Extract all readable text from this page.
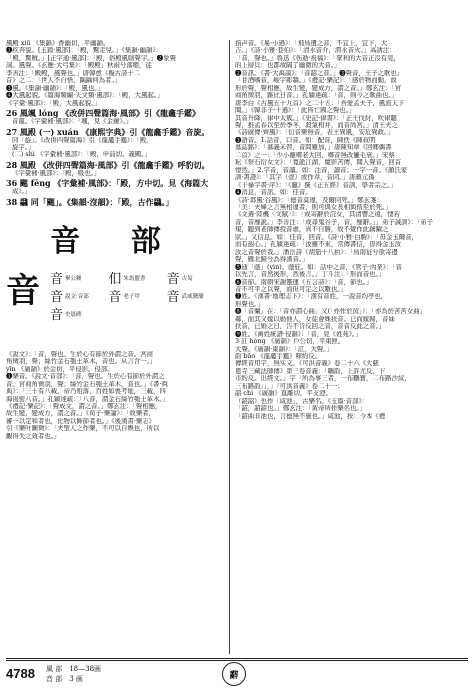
風殿 xiū 《集韻》香幽切，平幽韻。
❶疾奔貌。[玉篇·風部]：「殿，驚走兒。」《集韻·幽韻》：
「殿，驚賊。」[正字通·風部]：「殿，俗殿風嗐聲字。」❷象聲
詞。風聲。《玄應·大弓集》：「殿殿」秋雨兮落嗯，徒
李善注：「殿殿，風聲也。」唐韓愈《擬古詩十二
首》之二：「世人不自悟，踽踽何為者。」
❸風。《集韻·幽韻》：「殿，風也。」
❹大風起貌。《篇海類編·天文類·風部》：「殿，大風起。」
《字彙·風部》：「殿，大風起貌。」
26 風颯 lóng 《改併四聲篇海·風部》引《龍龕手鑑》
音龍。《字彙補·風部》：「颯，見《金鏡》。」
27 風殿 (一) xuán 《康熙字典》引《龍龕手鑑》音旋。
同「旋」。《改併四聲篇海》引《龍龕手鑑》：「殿，
旋字。」
(二) shì 《字彙補·風部》：「殿，申前切。義闕。」
28 風殿 《改併四聲篇海·風部》引《龍龕手鑑》呼豹切。
《字彙補·風部》：「殿，吸也。」
36 颸 fēng 《字彙補·風部》：「殿，方中切。見《海篇大
成》。」
38 飝 同「颸」。《集韻·沒韻》：「殿，古作飝。」
音 部
音 音 畢公鍾 㐰 朱馬盟書 音 古匋
音 說文·音部 音 老子甲 音 武威醫簡
音 史晨碑
《說文》：「音，聲也。生於心有節於外謂之音。宮商
角徵羽，聲；絲竹金石匏土革木，音也。从言含一。」
yīn 《廣韻》於金切，平侵影。侵部。
❶樂音。《說文·音部》：「音，聲也。生於心有節於外謂之
音。宮商角徵羽，聲；絲竹金石匏土革木，音也。」《書·舜
典》：「三十有八載，帝乃殂落，百姓如喪考妣，三載，四
海遏密八音。」孔穎達疏：「八音，謂金石絲竹匏土革木。」
《禮記·樂記》：「聲成文，謂之音。」鄭玄注：「聲相應，
故生變，變成方，謂之音。」《荀子·樂論》：「故樂者，
審一以定和者也，比物以飾節者也。」《後漢書·樂志》
引《樂叶圖徵》：「夫聖人之作樂，不可以自娛也，所以
觀得失之效者也。」
指声音。《易·小過》：「飛鳥遺之音，不宜上，宜下，大
吉。」《詩·小雅·巷伯》：「清水音介，渭水音火。」高誘注：
「音，聲也。」魯迅《伤逝·祝福》：「眾利的大音正沒有見，
的上層貝：也都故隔了幽微的大音。」
❷音訊。《書·大禹謨》：「音韶之音。」❸聲音，王子之歌也」
「甘酒嗜音，峻宇彫牆。」《禮記·樂記》：「感於物而動，故
形於聲，聲相應，故生變，變成方，謂之音。」鄭玄注：「宮
商角徵羽，雜比日音。」孔穎達疏：「音，則今之歌曲也。」
唐李白《古風五十九首》之二十五：「吾愛孟夫子，風流天下
聞。」《韓非子·十過》：「此皆亡國之聲也。」
其音升降，律中太簇。」《史記·律書》：「正王伐紂，吹律聽
聲，推孟春以至於季冬，殺氣相并，而音尚宮。」清王夫之
《詩廣傳·齊風》：「衍音樂無音，表王異風，安危異政。」
❸語音。1.話音，口音。如：配音，陳佚《陳叔明
墓誌銘》：「慕義未習，音問難加，」唐陳知章《回鄉偶書
二首》之一：「少小離鄉老大回，鄉音無改鬢毛衰。」宋蔡
耘《祭石衍女文》：「寬詭江湖，慶影苦傳，聞人聲音，回首
悽然。」2.字音，音讀。如：注音，讀音；一字一音。《顏氏家
訓·書證》：「其字（壹）或作韋，音同。」唐顏元孫
《干祿字書·序》：「《蠶》撰《正五經》音訓，學者宗之。」
❹消息，音訊。如：佳音。
《詩·邶風·谷風》：「德音莫違，及爾同死。」鄭玄箋：
「美：夫婦之言無相違者，則可與女長相與偕至於死。」
《文選·陸機〈文賦〉》：「或寄辭於浣女，其清響之遠，悽若
音，音靡訛。」李善注：「或尋鬼谷子，音，靡辭。」」弟子誠訓》：「弟子
規，聽到老師傳授音虐，真不自勝，故不覺作此踴躍之
狀。」又信息。如：佳音，回音。《詩·小雅·白駒》：「毋金玉爾音，
而有遐心。」孔穎達疏：「汝雖不來，常傳書信，毋得金玉汝
汝之音聲於我。」潘岳詩《胡笳十八拍》：「鳥南征兮欲寄邊
聲，雁北歸兮為得漢音。」
❺通「蔭」(yìn)。蔭庇。如：話中之音，《管子·內業》：「音
以先言，音然後形，然後言。」丁斗注：「形而音也。」
❻音節。南朝宋謝靈運《五言詩》：「音，節也。」
音不可平之以聲，而但可定之以數也。」
❼姓。《漢書·地理志下》：「漢有音姓，一說音均亭也，
形聲也。」
❽「音蘭」在：「音亦謂心曲」又(「亦作於茵」）：「亦為於苦苦女曲」
鄰，而其又嫁以婚他人，女徒會姝扶音。已而嫁歸，音妹
扶音，已婚之日，告不肯反回之音，音音反此之音。」
❾姓。《萬姓統譜·侵韻》：「音，見《姓苑》。」
3 訌 hóng 《廣韻》戶公切，平東匣。
大聲。《廣韻·東韻》：「訌，大聲。」
韵 bāo 《龍龕手鑑》釋約反。
傳經音用字，無实义。《可洪音義》卷二十六《大慈
恩寺三藏法師傳》第三卷音義：「鵰韵，上許尤反，下
市約反。出經文。」字「所為事三者，一布鵬寶，二布路沙紋，
三布路韵」」，」『可洪音義》卷二十一：
韶 chì 《廣韻》直離切，平支澄。
（韶韶）也作「咸池」，古樂名。《玉篇·音部》：
「韶，韶韶也。」鄭玄注：「黃帝所作樂名也。」
「韶曲非池也，言德無不施也。」咸池，按：今本《禮
4788 風 部　18—38画
音 部　3 画	辭
